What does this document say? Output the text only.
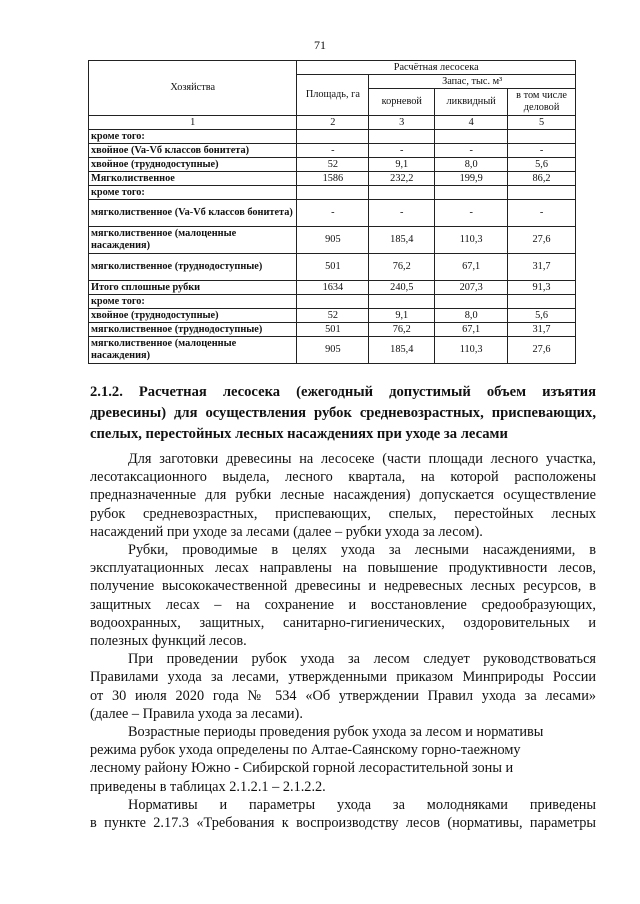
71
Хозяйства	Расчётная лесосека			
	Площадь, га	Запас, тыс. м³		
		корневой	ликвидный	в том числе деловой
1	2	3	4	5
кроме того:				
хвойное (Va-Vб классов бонитета)	-	-	-	-
хвойное (труднодоступные)	52	9,1	8,0	5,6
Мягколиственное	1586	232,2	199,9	86,2
кроме того:				
мягколиственное (Va-Vб классов бонитета)	-	-	-	-
мягколиственное (малоценные насаждения)	905	185,4	110,3	27,6
мягколиственное (труднодоступные)	501	76,2	67,1	31,7
Итого сплошные рубки	1634	240,5	207,3	91,3
кроме того:				
хвойное (труднодоступные)	52	9,1	8,0	5,6
мягколиственное (труднодоступные)	501	76,2	67,1	31,7
мягколиственное (малоценные насаждения)	905	185,4	110,3	27,6

2.1.2. Расчетная лесосека (ежегодный допустимый объем изъятия

древесины) для осуществления рубок средневозрастных, приспевающих,

спелых, перестойных лесных насаждениях при уходе за лесами

Для заготовки древесины на лесосеке (части площади лесного участка,
лесотаксационного выдела, лесного квартала, на которой расположены
предназначенные для рубки лесные насаждения) допускается осуществление
рубок средневозрастных, приспевающих, спелых, перестойных лесных
насаждений при уходе за лесами (далее – рубки ухода за лесом).

Рубки, проводимые в целях ухода за лесными насаждениями, в
эксплуатационных лесах направлены на повышение продуктивности лесов,
получение высококачественной древесины и недревесных лесных ресурсов, в
защитных лесах – на сохранение и восстановление средообразующих,
водоохранных, защитных, санитарно-гигиенических, оздоровительных и
полезных функций лесов.

При проведении рубок ухода за лесом следует руководствоваться
Правилами ухода за лесами, утвержденными приказом Минприроды России
от 30 июля 2020 года № 534 «Об утверждении Правил ухода за лесами»
(далее – Правила ухода за лесами).

Возрастные периоды проведения рубок ухода за лесом и нормативы
режима рубок ухода определены по Алтае-Саянскому горно-таежному
лесному району Южно - Сибирской горной лесорастительной зоны и
приведены в таблицах 2.1.2.1 – 2.1.2.2.

Нормативы и параметры ухода за молодняками приведены
в пункте 2.17.3 «Требования к воспроизводству лесов (нормативы, параметры
